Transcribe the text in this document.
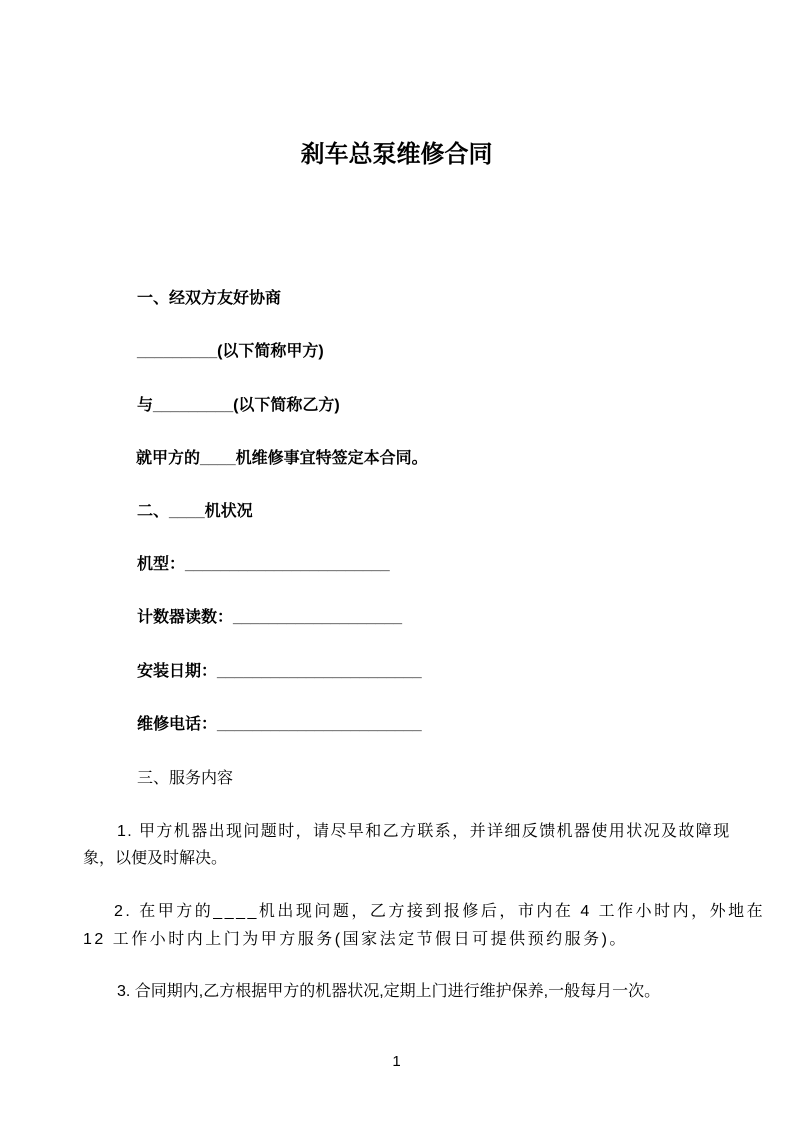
刹车总泵维修合同
一、经双方友好协商
_________(以下简称甲方)
与_________(以下简称乙方)
就甲方的____机维修事宜特签定本合同。
二、____机状况
机型：_______________________
计数器读数：___________________
安装日期：_______________________
维修电话：_______________________
三、服务内容
1. 甲方机器出现问题时，请尽早和乙方联系，并详细反馈机器使用状况及故障现
象，以便及时解决。
2. 在甲方的____机出现问题，乙方接到报修后，市内在 4 工作小时内，外地在
12 工作小时内上门为甲方服务(国家法定节假日可提供预约服务)。
3. 合同期内,乙方根据甲方的机器状况,定期上门进行维护保养,一般每月一次。
1
